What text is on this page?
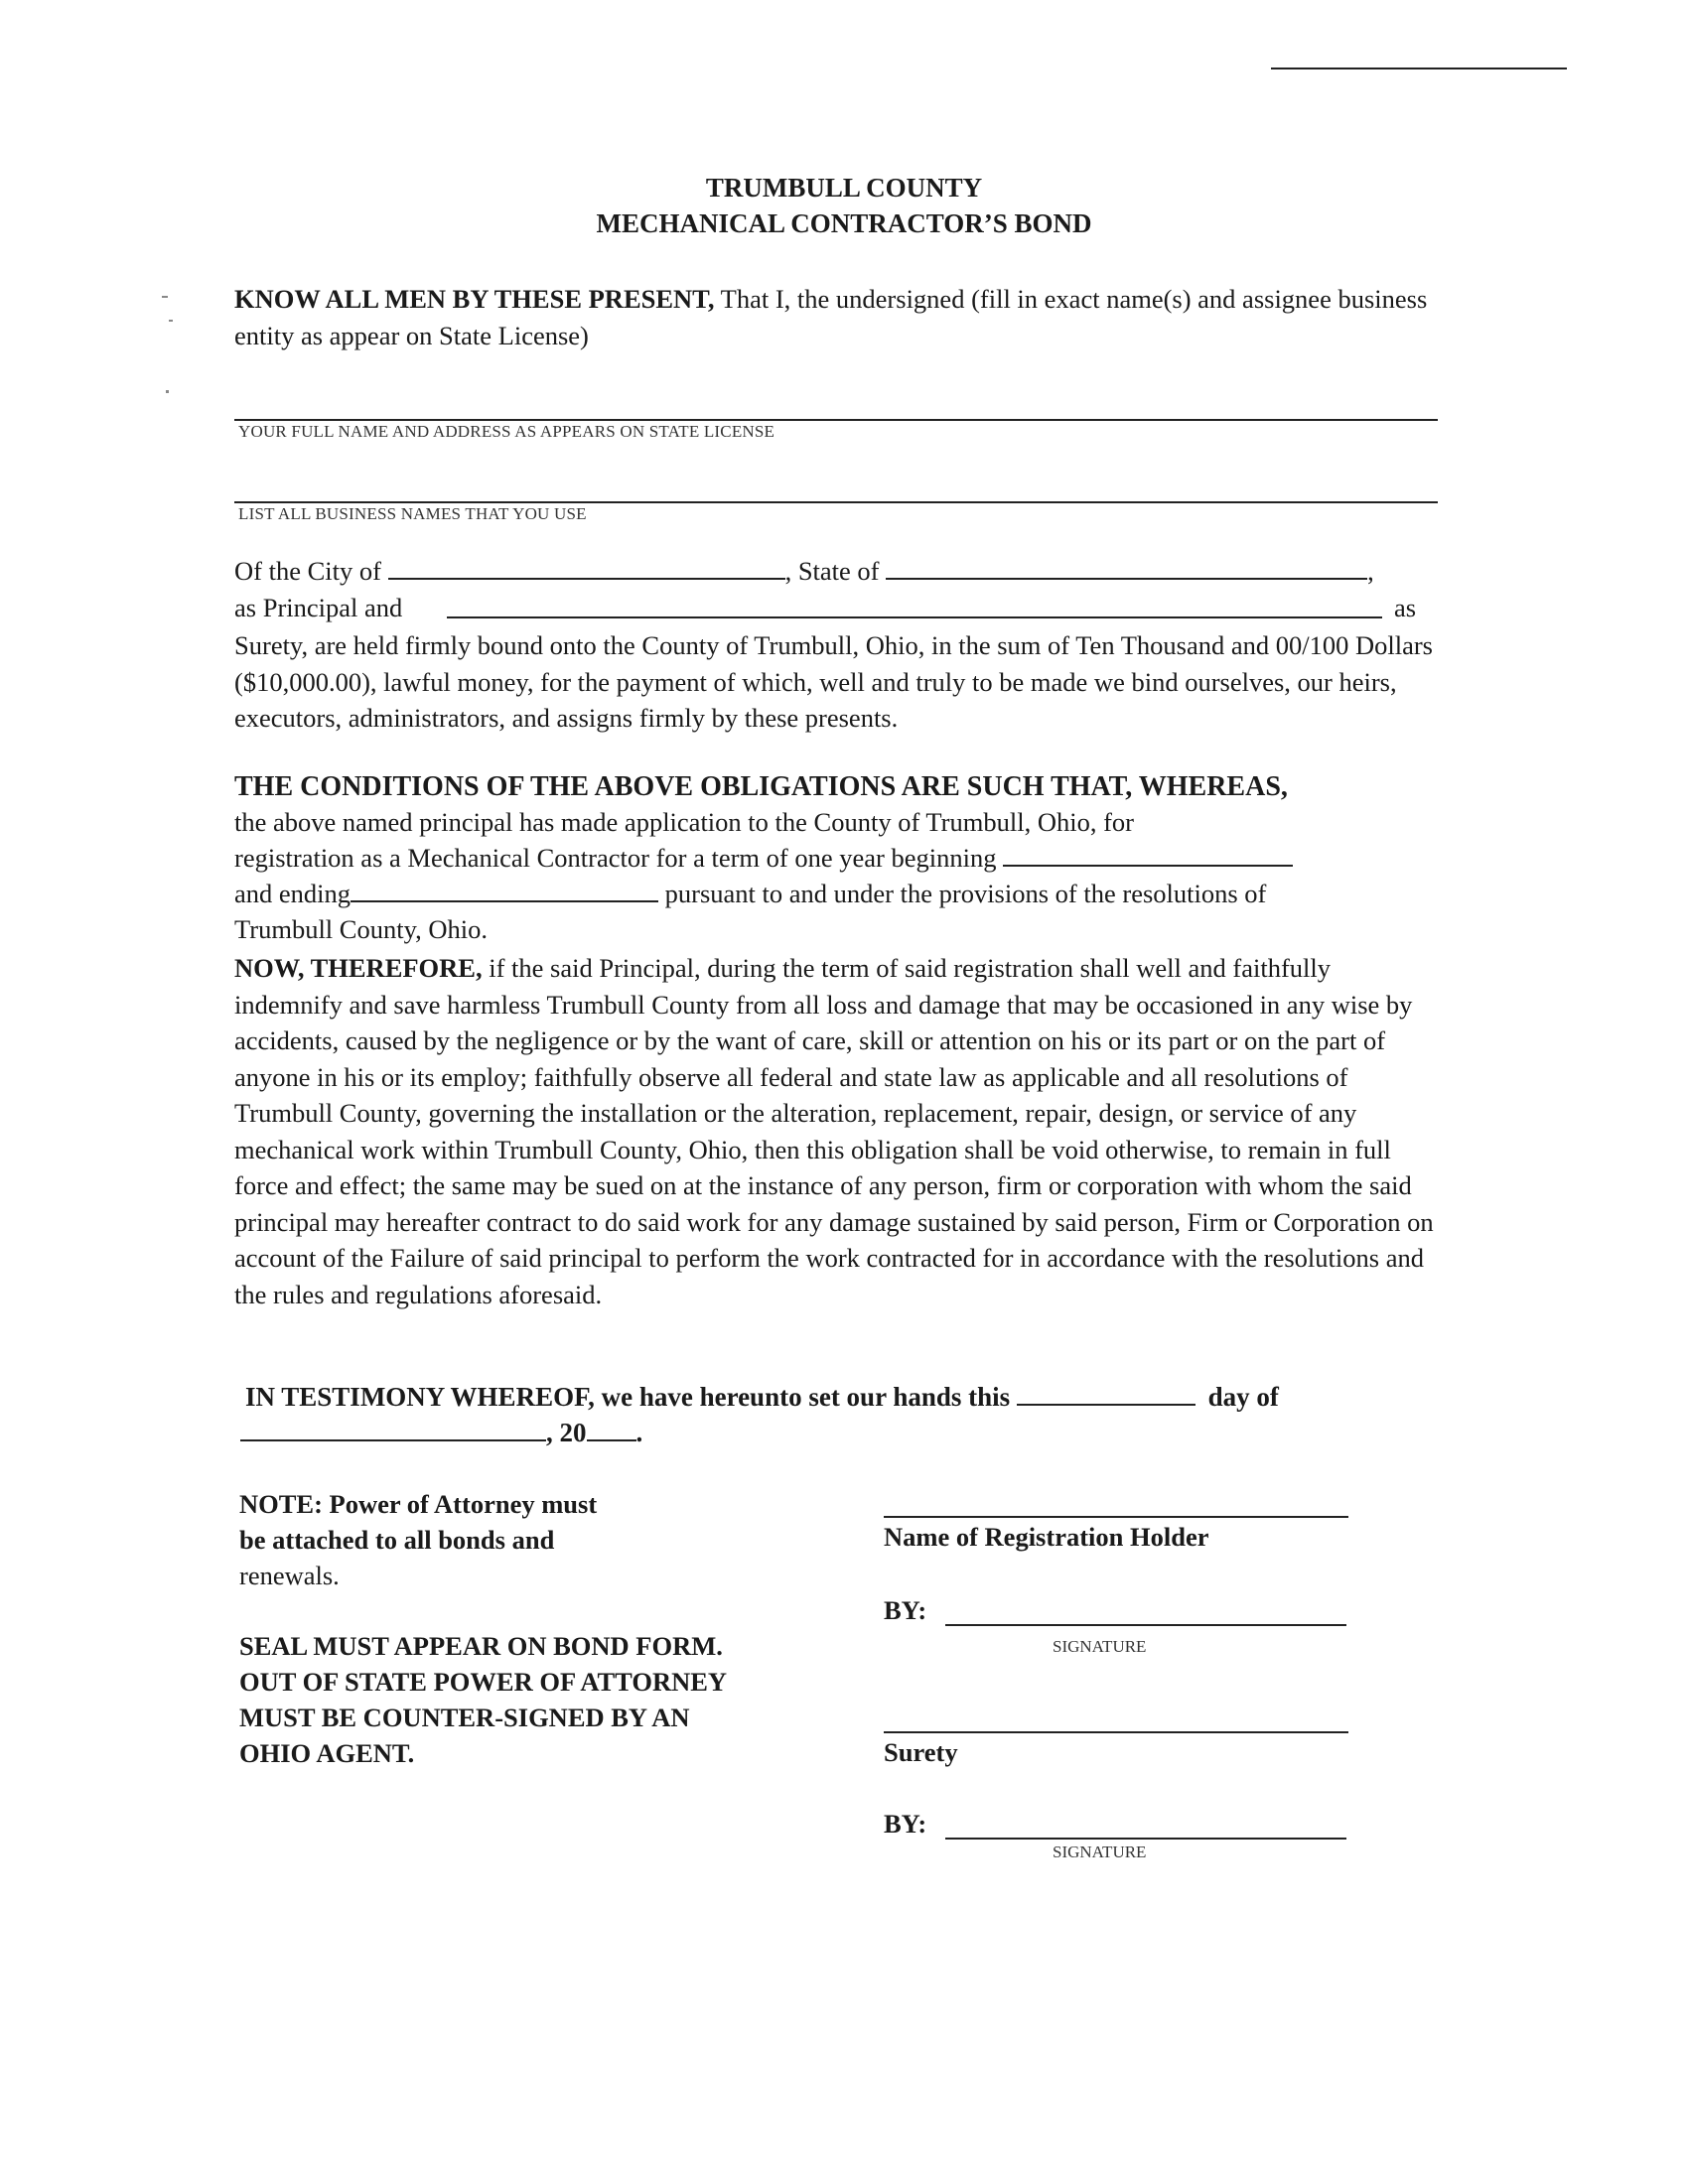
TRUMBULL COUNTY
MECHANICAL CONTRACTOR’S BOND
KNOW ALL MEN BY THESE PRESENT, That I, the undersigned (fill in exact name(s) and assignee business entity as appear on State License)
YOUR FULL NAME AND ADDRESS AS APPEARS ON STATE LICENSE
LIST ALL BUSINESS NAMES THAT YOU USE
Of the City of	, State of	,
as Principal and	as
Surety, are held firmly bound onto the County of Trumbull, Ohio, in the sum of Ten Thousand and 00/100 Dollars ($10,000.00), lawful money, for the payment of which, well and truly to be made we bind ourselves, our heirs, executors, administrators, and assigns firmly by these presents.
THE CONDITIONS OF THE ABOVE OBLIGATIONS ARE SUCH THAT, WHEREAS,
the above named principal has made application to the County of Trumbull, Ohio, for
registration as a Mechanical Contractor for a term of one year beginning
and ending	pursuant to and under the provisions of the resolutions of
Trumbull County, Ohio.
NOW, THEREFORE, if the said Principal, during the term of said registration shall well and faithfully indemnify and save harmless Trumbull County from all loss and damage that may be occasioned in any wise by accidents, caused by the negligence or by the want of care, skill or attention on his or its part or on the part of anyone in his or its employ; faithfully observe all federal and state law as applicable and all resolutions of Trumbull County, governing the installation or the alteration, replacement, repair, design, or service of any mechanical work within Trumbull County, Ohio, then this obligation shall be void otherwise, to remain in full force and effect; the same may be sued on at the instance of any person, firm or corporation with whom the said principal may hereafter contract to do said work for any damage sustained by said person, Firm or Corporation on account of the Failure of said principal to perform the work contracted for in accordance with the resolutions and the rules and regulations aforesaid.
IN TESTIMONY WHEREOF, we have hereunto set our hands this	day of
, 20 .
NOTE: Power of Attorney must
be attached to all bonds and
renewals.
SEAL MUST APPEAR ON BOND FORM.
OUT OF STATE POWER OF ATTORNEY
MUST BE COUNTER-SIGNED BY AN
OHIO AGENT.
Name of Registration Holder
BY:
SIGNATURE
Surety
BY:
SIGNATURE
